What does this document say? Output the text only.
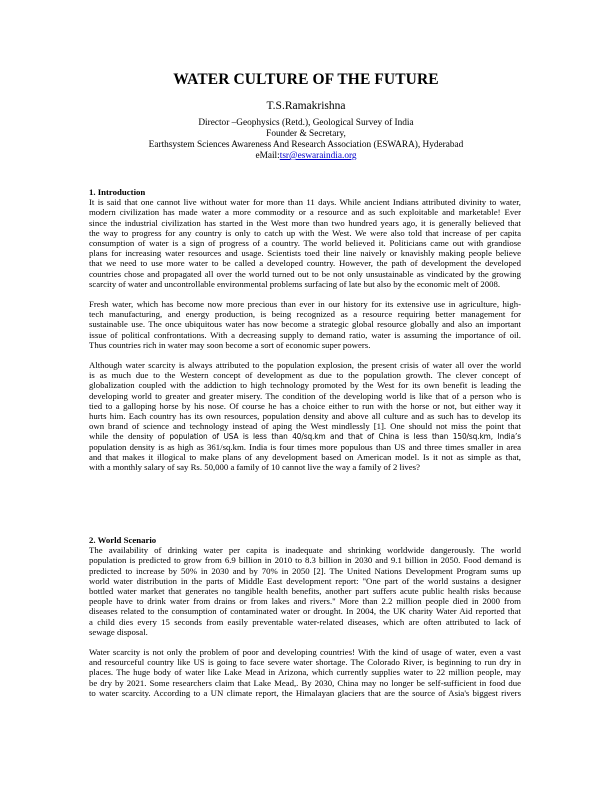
WATER CULTURE OF THE FUTURE
T.S.Ramakrishna
Director –Geophysics (Retd.), Geological Survey of India
Founder & Secretary,
Earthsystem Sciences Awareness And Research Association (ESWARA), Hyderabad
eMail:tsr@eswaraindia.org
1. Introduction

It is said that one cannot live without water for more than 11 days. While ancient Indians attributed divinity to water,

modern civilization has made water a more commodity or a resource and as such exploitable and marketable! Ever

since the industrial civilization has started in the West more than two hundred years ago, it is generally believed that

the way to progress for any country is only to catch up with the West. We were also told that increase of per capita

consumption of water is a sign of progress of a country. The world believed it. Politicians came out with grandiose

plans for increasing water resources and usage. Scientists toed their line naively or knavishly making people believe

that we need to use more water to be called a developed country. However, the path of development the developed

countries chose and propagated all over the world turned out to be not only unsustainable as vindicated by the growing

scarcity of water and uncontrollable environmental problems surfacing of late but also by the economic melt of 2008.

Fresh water, which has become now more precious than ever in our history for its extensive use in agriculture, high-

tech manufacturing, and energy production, is being recognized as a resource requiring better management for

sustainable use. The once ubiquitous water has now become a strategic global resource globally and also an important

issue of political confrontations. With a decreasing supply to demand ratio, water is assuming the importance of oil.

Thus countries rich in water may soon become a sort of economic super powers.

Although water scarcity is always attributed to the population explosion, the present crisis of water all over the world

is as much due to the Western concept of development as due to the population growth. The clever concept of

globalization coupled with the addiction to high technology promoted by the West for its own benefit is leading the

developing world to greater and greater misery. The condition of the developing world is like that of a person who is

tied to a galloping horse by his nose. Of course he has a choice either to run with the horse or not, but either way it

hurts him. Each country has its own resources, population density and above all culture and as such has to develop its

own brand of science and technology instead of aping the West mindlessly [1]. One should not miss the point that

while the density of population of USA is less than 40/sq.km and that of China is less than 150/sq.km, India’s

population density is as high as 361/sq.km. India is four times more populous than US and three times smaller in area

and that makes it illogical to make plans of any development based on American model. Is it not as simple as that,

with a monthly salary of say Rs. 50,000 a family of 10 cannot live the way a family of 2 lives?

2. World Scenario

The availability of drinking water per capita is inadequate and shrinking worldwide dangerously. The world

population is predicted to grow from 6.9 billion in 2010 to 8.3 billion in 2030 and 9.1 billion in 2050. Food demand is

predicted to increase by 50% in 2030 and by 70% in 2050 [2]. The United Nations Development Program sums up

world water distribution in the parts of Middle East development report: "One part of the world sustains a designer

bottled water market that generates no tangible health benefits, another part suffers acute public health risks because

people have to drink water from drains or from lakes and rivers." More than 2.2 million people died in 2000 from

diseases related to the consumption of contaminated water or drought. In 2004, the UK charity Water Aid reported that

a child dies every 15 seconds from easily preventable water-related diseases, which are often attributed to lack of

sewage disposal.

Water scarcity is not only the problem of poor and developing countries! With the kind of usage of water, even a vast

and resourceful country like US is going to face severe water shortage. The Colorado River, is beginning to run dry in

places. The huge body of water like Lake Mead in Arizona, which currently supplies water to 22 million people, may

be dry by 2021. Some researchers claim that Lake Mead,. By 2030, China may no longer be self-sufficient in food due

to water scarcity. According to a UN climate report, the Himalayan glaciers that are the source of Asia's biggest rivers
